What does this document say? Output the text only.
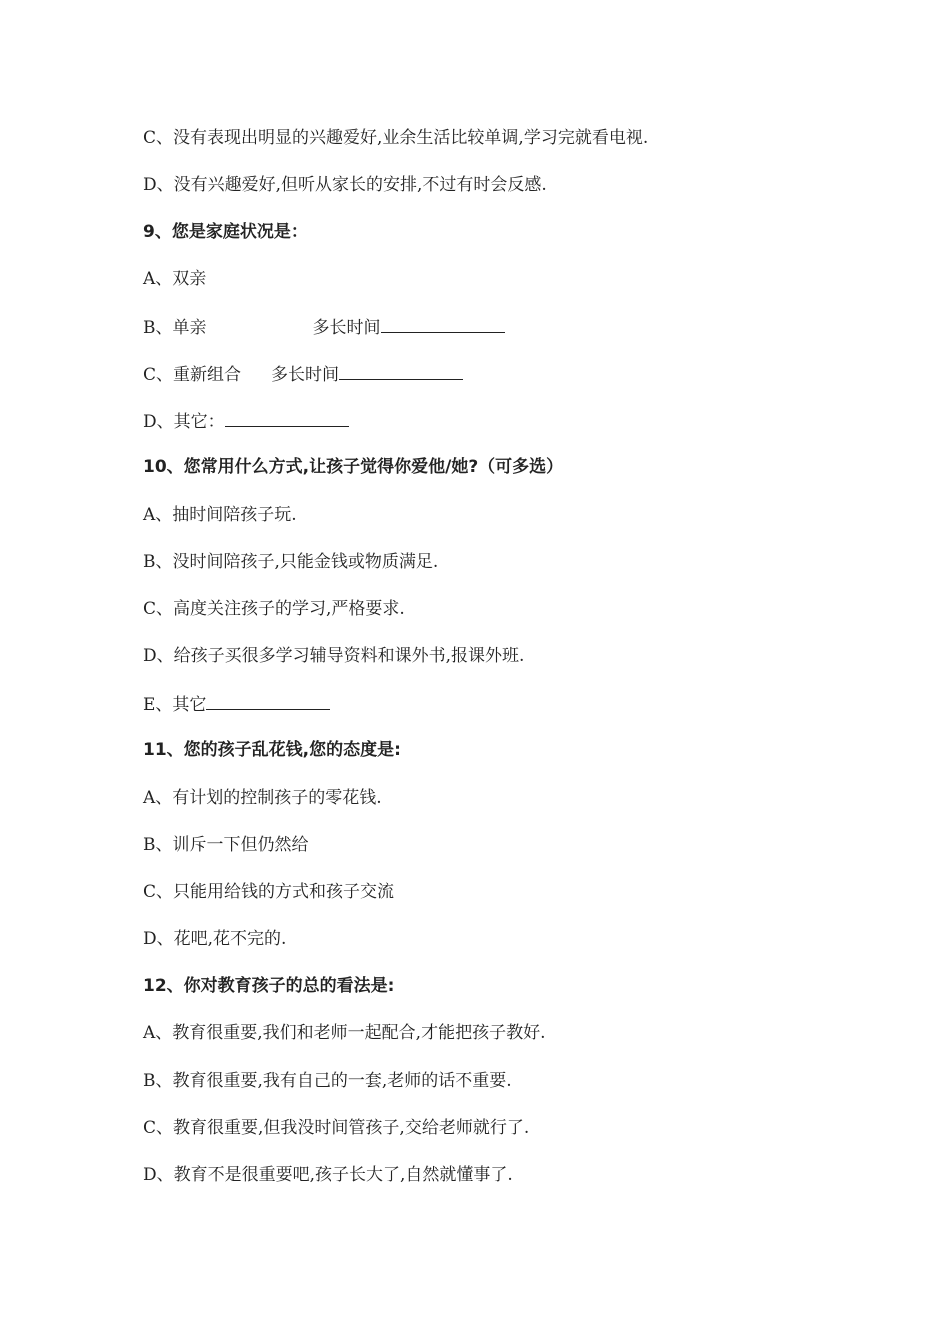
C、没有表现出明显的兴趣爱好,业余生活比较单调,学习完就看电视.
D、没有兴趣爱好,但听从家长的安排,不过有时会反感.
9、您是家庭状况是：
A、双亲
B、单亲	多长时间
C、重新组合 多长时间
D、其它：
10、您常用什么方式,让孩子觉得你爱他/她?（可多选）
A、抽时间陪孩子玩.
B、没时间陪孩子,只能金钱或物质满足.
C、高度关注孩子的学习,严格要求.
D、给孩子买很多学习辅导资料和课外书,报课外班.
E、其它
11、您的孩子乱花钱,您的态度是:
A、有计划的控制孩子的零花钱.
B、训斥一下但仍然给
C、只能用给钱的方式和孩子交流
D、花吧,花不完的.
12、你对教育孩子的总的看法是:
A、教育很重要,我们和老师一起配合,才能把孩子教好.
B、教育很重要,我有自己的一套,老师的话不重要.
C、教育很重要,但我没时间管孩子,交给老师就行了.
D、教育不是很重要吧,孩子长大了,自然就懂事了.
